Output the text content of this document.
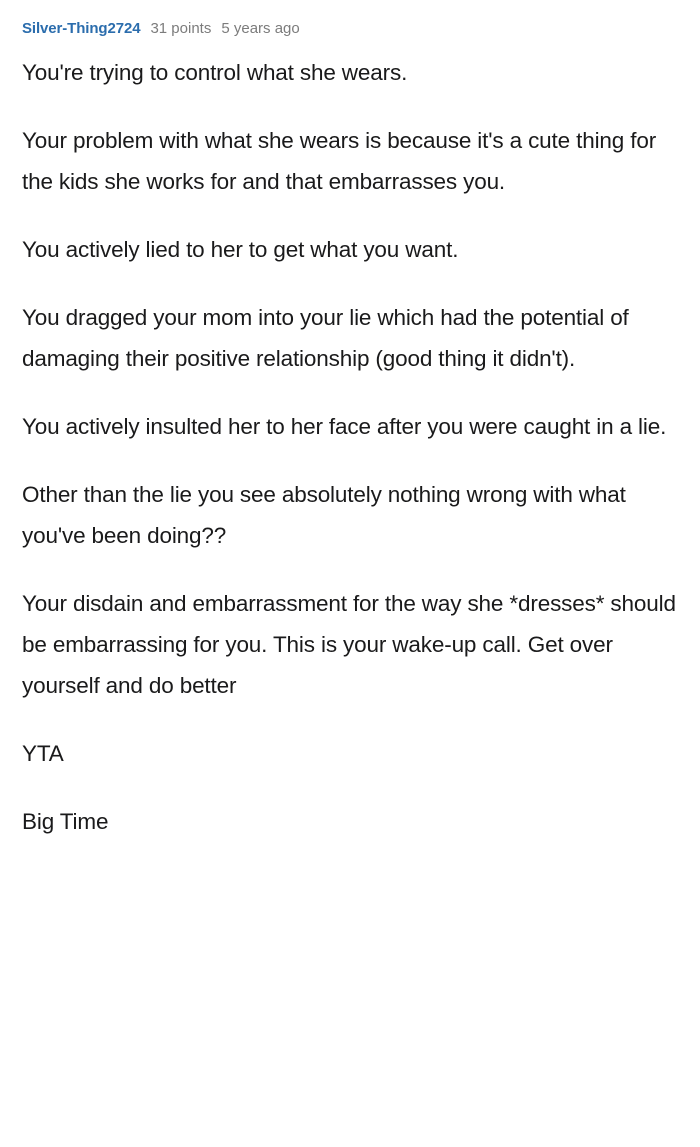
Silver-Thing2724 31 points 5 years ago

You're trying to control what she wears.

Your problem with what she wears is because it's a cute thing for the kids she works for and that embarrasses you.

You actively lied to her to get what you want.

You dragged your mom into your lie which had the potential of damaging their positive relationship (good thing it didn't).

You actively insulted her to her face after you were caught in a lie.

Other than the lie you see absolutely nothing wrong with what you've been doing??

Your disdain and embarrassment for the way she *dresses* should be embarrassing for you. This is your wake-up call. Get over yourself and do better

YTA

Big Time
